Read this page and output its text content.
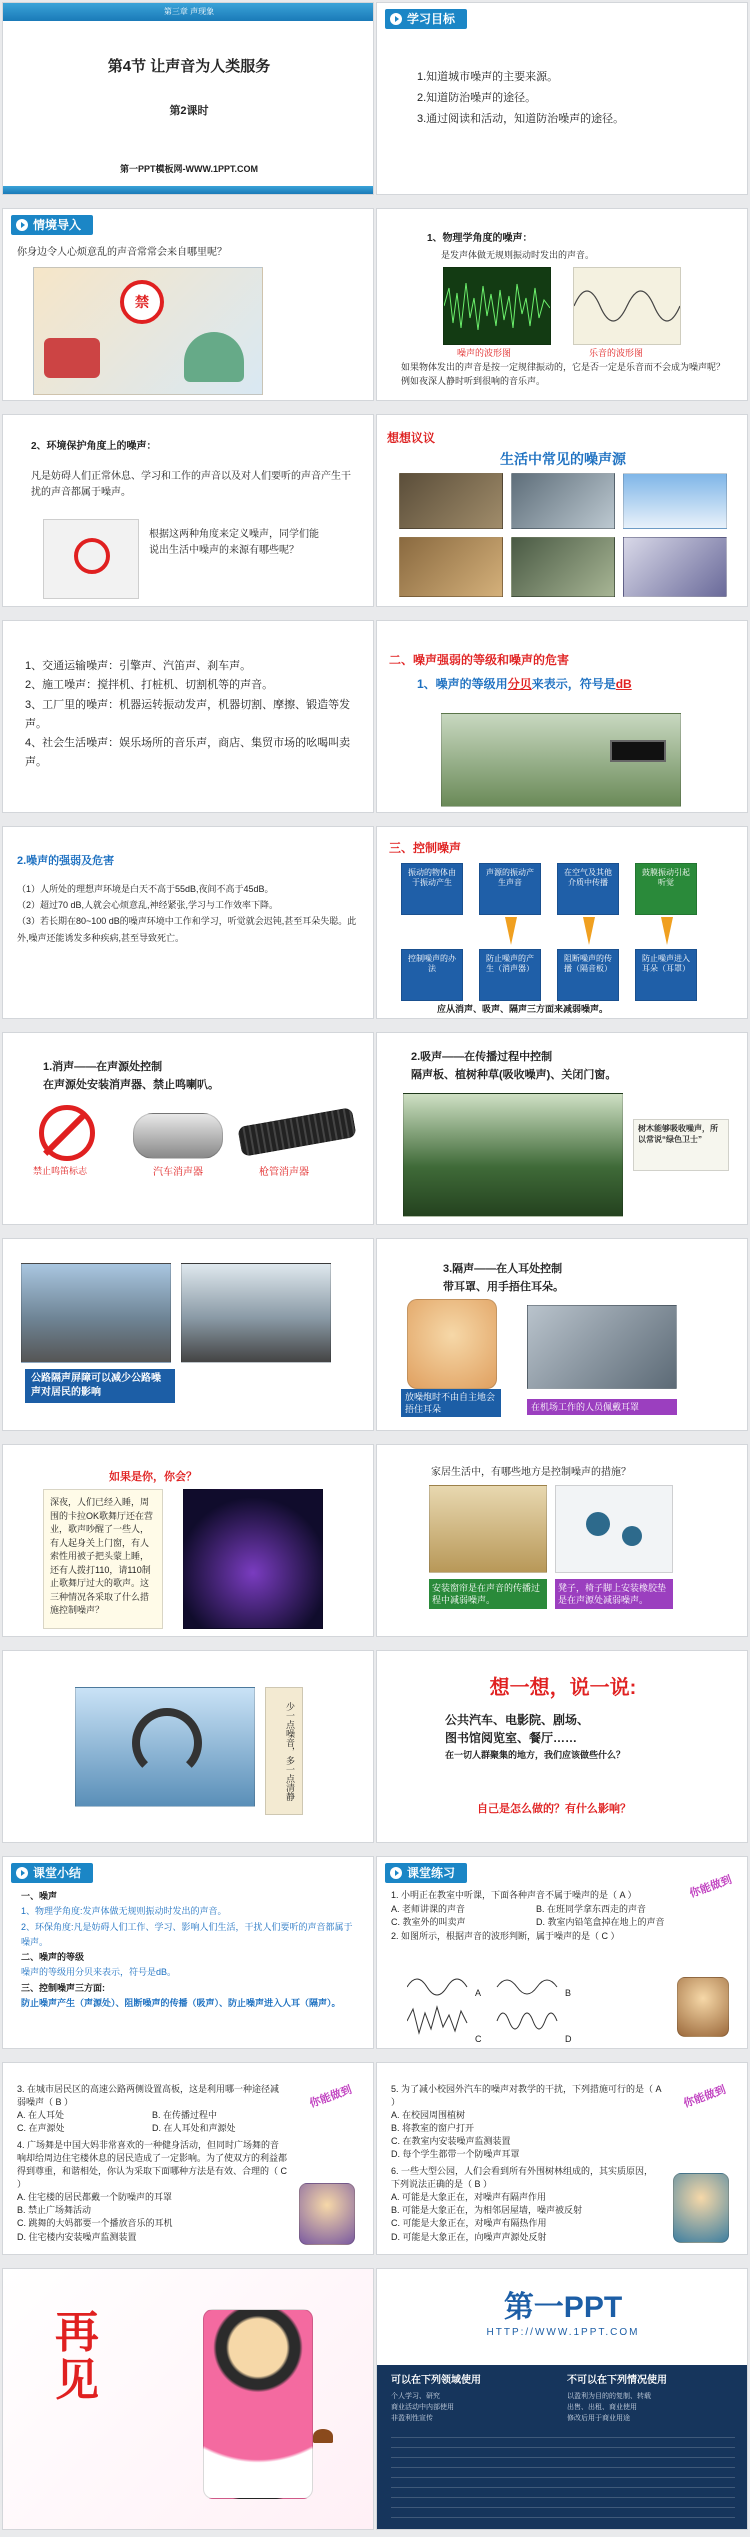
第三章 声现象
第4节 让声音为人类服务
第2课时
第一PPT模板网-WWW.1PPT.COM
学习目标
1.知道城市噪声的主要来源。
2.知道防治噪声的途径。
3.通过阅读和活动，知道防治噪声的途径。
情境导入
你身边令人心烦意乱的声音常常会来自哪里呢？
禁
1、物理学角度的噪声：
是发声体做无规则振动时发出的声音。
噪声的波形图	乐音的波形图
如果物体发出的声音是按一定规律振动的，它是否一定是乐音而不会成为噪声呢？例如夜深人静时听到很响的音乐声。
2、环境保护角度上的噪声：
凡是妨碍人们正常休息、学习和工作的声音以及对人们要听的声音产生干扰的声音都属于噪声。
根据这两种角度来定义噪声，同学们能说出生活中噪声的来源有哪些呢？
想想议议
生活中常见的噪声源
1、交通运输噪声：引擎声、汽笛声、刹车声。
2、施工噪声：搅拌机、打桩机、切割机等的声音。
3、工厂里的噪声：机器运转振动发声，机器切割、摩擦、锻造等发声。
4、社会生活噪声：娱乐场所的音乐声，商店、集贸市场的吆喝叫卖声。
二、噪声强弱的等级和噪声的危害
1、噪声的等级用分贝来表示，符号是dB
2.噪声的强弱及危害
（1）人所处的理想声环境是白天不高于55dB,夜间不高于45dB。
（2）超过70 dB,人就会心烦意乱,神经紧张,学习与工作效率下降。
（3）若长期在80~100 dB的噪声环境中工作和学习，听觉就会迟钝,甚至耳朵失聪。此外,噪声还能诱发多种疾病,甚至导致死亡。
三、控制噪声
振动的物体由于振动产生
声源的振动产生声音
在空气及其他介质中传播
鼓膜振动引起听觉
控制噪声的办法
防止噪声的产生（消声器）
阻断噪声的传播（隔音板）
防止噪声进入耳朵（耳罩）
应从消声、吸声、隔声三方面来减弱噪声。
1.消声——在声源处控制
在声源处安装消声器、禁止鸣喇叭。
禁止鸣笛标志	汽车消声器	枪管消声器
2.吸声——在传播过程中控制
隔声板、植树种草(吸收噪声)、关闭门窗。
树木能够吸收噪声，所以常说“绿色卫士”
公路隔声屏障可以减少公路噪声对居民的影响
3.隔声——在人耳处控制
带耳罩、用手捂住耳朵。
放噪炮时不由自主地会捂住耳朵	在机场工作的人员佩戴耳罩
如果是你，你会？
深夜，人们已经入睡，周围的卡拉OK歌舞厅还在营业，歌声吵醒了一些人，有人起身关上门窗，有人索性用被子把头蒙上睡，还有人拨打110，请110制止歌舞厅过大的歌声。这三种情况各采取了什么措施控制噪声？
家居生活中，有哪些地方是控制噪声的措施？
安装窗帘是在声音的传播过程中减弱噪声。
凳子，椅子脚上安装橡胶垫是在声源处减弱噪声。
少一点噪音，多一点清静
想一想，说一说:
公共汽车、电影院、剧场、
图书馆阅览室、餐厅……
在一切人群聚集的地方，我们应该做些什么？
自己是怎么做的？有什么影响？
课堂小结
一、噪声
1、物理学角度:发声体做无规则振动时发出的声音。
2、环保角度:凡是妨碍人们工作、学习、影响人们生活，干扰人们要听的声音都属于噪声。
二、噪声的等级
噪声的等级用分贝来表示，符号是dB。
三、控制噪声三方面:
防止噪声产生（声源处）、阻断噪声的传播（吸声）、防止噪声进入人耳（隔声）。
课堂练习
1. 小明正在教室中听课，下面各种声音不属于噪声的是（ A ）
A. 老师讲课的声音	B. 在班同学拿东西走的声音
C. 教室外的叫卖声	D. 教室内铅笔盒掉在地上的声音
2. 如图所示，根据声音的波形判断，属于噪声的是（ C ）
A	B
C	D
你能做到
3. 在城市居民区的高速公路两侧设置高板，这是利用哪一种途径减弱噪声（ B ）
A. 在人耳处	B. 在传播过程中
C. 在声源处	D. 在人耳处和声源处
4. 广场舞是中国大妈非常喜欢的一种健身活动，但同时广场舞的音响却给周边住宅楼休息的居民造成了一定影响。为了使双方的利益都得到尊重，和谐相处，你认为采取下面哪种方法是有效、合理的（ C ）
A. 住宅楼的居民都戴一个防噪声的耳罩
B. 禁止广场舞活动
C. 跳舞的大妈都要一个播放音乐的耳机
D. 住宅楼内安装噪声监测装置
你能做到	5. 为了减小校园外汽车的噪声对教学的干扰，下列措施可行的是（ A ）
A. 在校园周围植树
B. 将教室的窗户打开
C. 在教室内安装噪声监测装置
D. 每个学生都带一个防噪声耳罩
6. 一些大型公园，人们会看到所有外围树林组成的，其实质原因，下列说法正确的是（ B ）
A. 可能是大象正在，对噪声有隔声作用
B. 可能是大象正在，为相邻居屋墙，噪声被反射
C. 可能是大象正在，对噪声有隔热作用
D. 可能是大象正在，向噪声声源处反射
你能做到
再见
第一PPT
HTTP://WWW.1PPT.COM
可以在下列领域使用	不可以在下列情况使用
个人学习、研究
商业活动中内部使用
非盈利性宣传
以盈利为目的的复制、转载
出售、出租、商业使用
修改后用于商业用途
